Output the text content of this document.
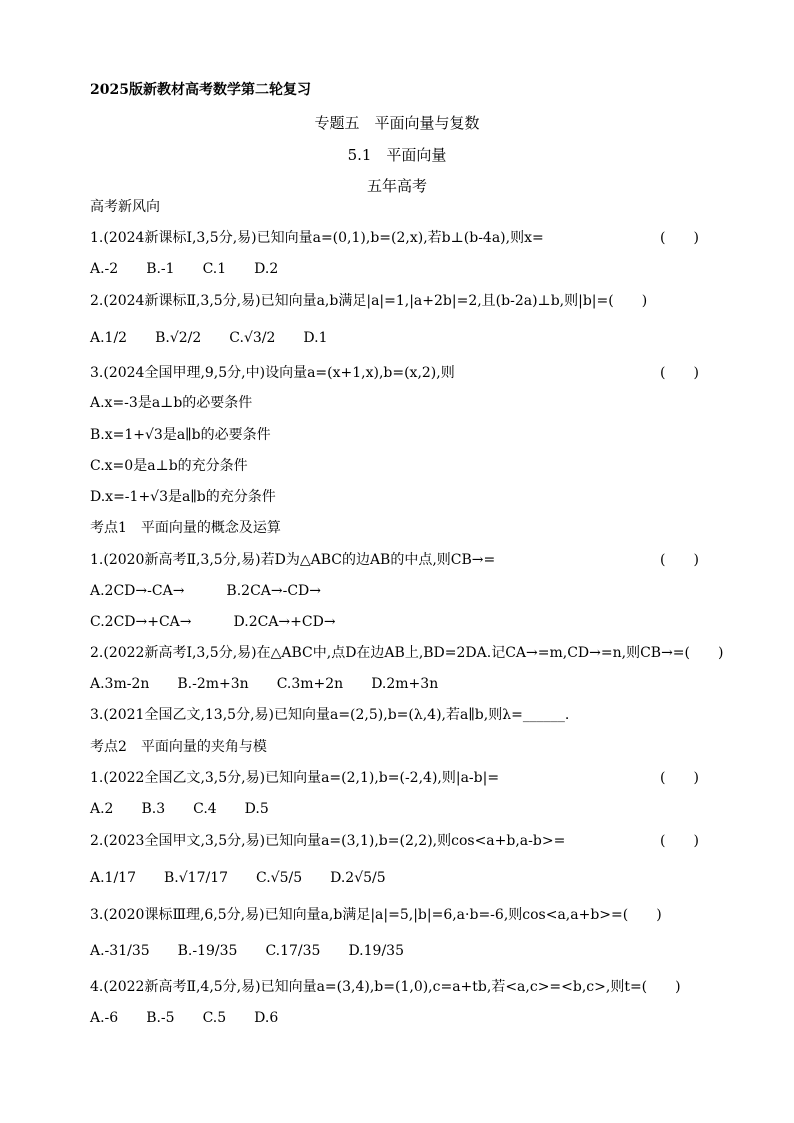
2025版新教材高考数学第二轮复习
专题五　平面向量与复数
5.1　平面向量
五年高考
高考新风向
1.(2024新课标Ⅰ,3,5分,易)已知向量a=(0,1),b=(2,x),若b⊥(b-4a),则x=	(　　)
A.-2　　B.-1　　C.1　　D.2
2.(2024新课标Ⅱ,3,5分,易)已知向量a,b满足|a|=1,|a+2b|=2,且(b-2a)⊥b,则|b|=(　　)
A.1/2　　B.√2/2　　C.√3/2　　D.1
3.(2024全国甲理,9,5分,中)设向量a=(x+1,x),b=(x,2),则	(　　)
A.x=-3是a⊥b的必要条件
B.x=1+√3是a∥b的必要条件
C.x=0是a⊥b的充分条件
D.x=-1+√3是a∥b的充分条件
考点1　平面向量的概念及运算
1.(2020新高考Ⅱ,3,5分,易)若D为△ABC的边AB的中点,则CB→=	(　　)
A.2CD→-CA→　　　B.2CA→-CD→
C.2CD→+CA→　　　D.2CA→+CD→
2.(2022新高考Ⅰ,3,5分,易)在△ABC中,点D在边AB上,BD=2DA.记CA→=m,CD→=n,则CB→=(　　)
A.3m-2n　　B.-2m+3n　　C.3m+2n　　D.2m+3n
3.(2021全国乙文,13,5分,易)已知向量a=(2,5),b=(λ,4),若a∥b,则λ=______.
考点2　平面向量的夹角与模
1.(2022全国乙文,3,5分,易)已知向量a=(2,1),b=(-2,4),则|a-b|=	(　　)
A.2　　B.3　　C.4　　D.5
2.(2023全国甲文,3,5分,易)已知向量a=(3,1),b=(2,2),则cos<a+b,a-b>=	(　　)
A.1/17　　B.√17/17　　C.√5/5　　D.2√5/5
3.(2020课标Ⅲ理,6,5分,易)已知向量a,b满足|a|=5,|b|=6,a·b=-6,则cos<a,a+b>=(　　)
A.-31/35　　B.-19/35　　C.17/35　　D.19/35
4.(2022新高考Ⅱ,4,5分,易)已知向量a=(3,4),b=(1,0),c=a+tb,若<a,c>=<b,c>,则t=(　　)
A.-6　　B.-5　　C.5　　D.6
